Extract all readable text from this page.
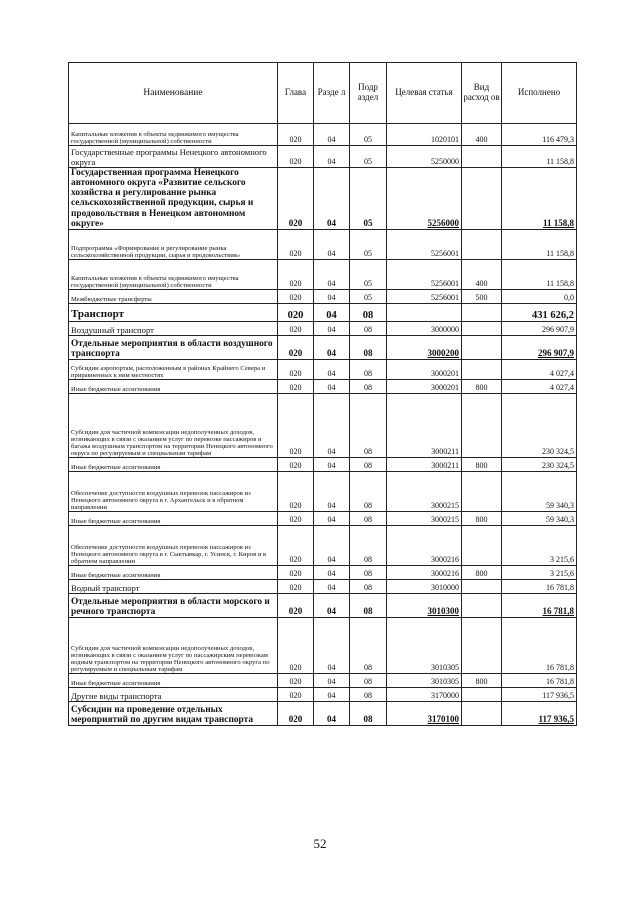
Наименование	Глава	Разде л	Подр аздел	Целевая статья	Вид расход ов	Исполнено
Капитальные вложения в объекты недвижимого имущества государственной (муниципальной) собственности	020	04	05	1020101	400	116 479,3
Государственные программы Ненецкого автономного округа	020	04	05	5250000		11 158,8
Государственная программа Ненецкого автономного округа «Развитие сельского хозяйства и регулирование рынка сельскохозяйственной продукции, сырья и продовольствия в Ненецком автономном округе»	020	04	05	5256000		11 158,8
Подпрограмма «Формирование и регулирование рынка сельскохозяйственной продукции, сырья и продовольствия»	020	04	05	5256001		11 158,8
Капитальные вложения в объекты недвижимого имущества государственной (муниципальной) собственности	020	04	05	5256001	400	11 158,8
Межбюджетные трансферты	020	04	05	5256001	500	0,0
Транспорт	020	04	08			431 626,2
Воздушный транспорт	020	04	08	3000000		296 907,9
Отдельные мероприятия в области воздушного транспорта	020	04	08	3000200		296 907,9
Субсидии аэропортам, расположенным в районах Крайнего Севера и приравненных к ним местностях	020	04	08	3000201		4 027,4
Иные бюджетные ассигнования	020	04	08	3000201	800	4 027,4
Субсидии для частичной компенсации недополученных доходов, возникающих в связи с оказанием услуг по перевозке пассажиров и багажа воздушным транспортом на территории Ненецкого автономного округа по регулируемым и специальным тарифам	020	04	08	3000211		230 324,5
Иные бюджетные ассигнования	020	04	08	3000211	800	230 324,5
Обеспечение доступности воздушных перевозок пассажиров из Ненецкого автономного округа в г. Архангельск и в обратном направлении	020	04	08	3000215		59 340,3
Иные бюджетные ассигнования	020	04	08	3000215	800	59 340,3
Обеспечение доступности воздушных перевозок пассажиров из Ненецкого автономного округа в г. Сыктывкар, г. Усинск, г. Киров и в обратном направлении	020	04	08	3000216		3 215,6
Иные бюджетные ассигнования	020	04	08	3000216	800	3 215,6
Водный транспорт	020	04	08	3010000		16 781,8
Отдельные мероприятия в области морского и речного транспорта	020	04	08	3010300		16 781,8
Субсидии для частичной компенсации недополученных доходов, возникающих в связи с оказанием услуг по пассажирским перевозкам водным транспортом на территории Ненецкого автономного округа по регулируемым и специальным тарифам	020	04	08	3010305		16 781,8
Иные бюджетные ассигнования	020	04	08	3010305	800	16 781,8
Другие виды транспорта	020	04	08	3170000		117 936,5
Субсидии на проведение отдельных мероприятий по другим видам транспорта	020	04	08	3170100		117 936,5
52
